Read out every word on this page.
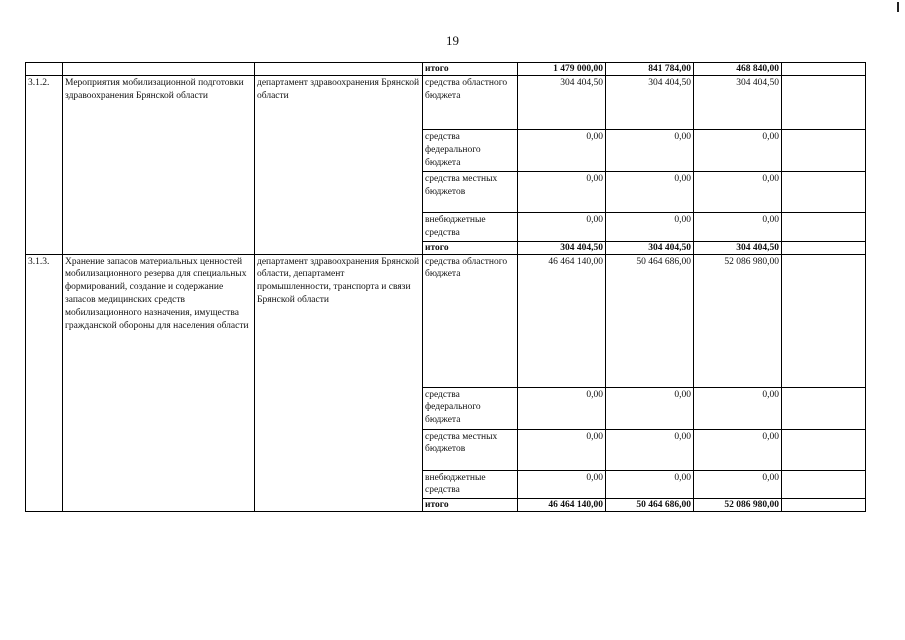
19
			итого	1 479 000,00	841 784,00	468 840,00	
3.1.2.	Мероприятия мобилизационной подготовки здравоохранения Брянской области	департамент здравоохранения Брянской области	средства областного бюджета	304 404,50	304 404,50	304 404,50	
			средства федерального бюджета	0,00	0,00	0,00	
			средства местных бюджетов	0,00	0,00	0,00	
			внебюджетные средства	0,00	0,00	0,00	
			итого	304 404,50	304 404,50	304 404,50	
3.1.3.	Хранение запасов материальных ценностей мобилизационного резерва для специальных формирований, создание и содержание запасов медицинских средств мобилизационного назначения, имущества гражданской обороны для населения области	департамент здравоохранения Брянской области, департамент промышленности, транспорта и связи Брянской области	средства областного бюджета	46 464 140,00	50 464 686,00	52 086 980,00	
			средства федерального бюджета	0,00	0,00	0,00	
			средства местных бюджетов	0,00	0,00	0,00	
			внебюджетные средства	0,00	0,00	0,00	
			итого	46 464 140,00	50 464 686,00	52 086 980,00	
